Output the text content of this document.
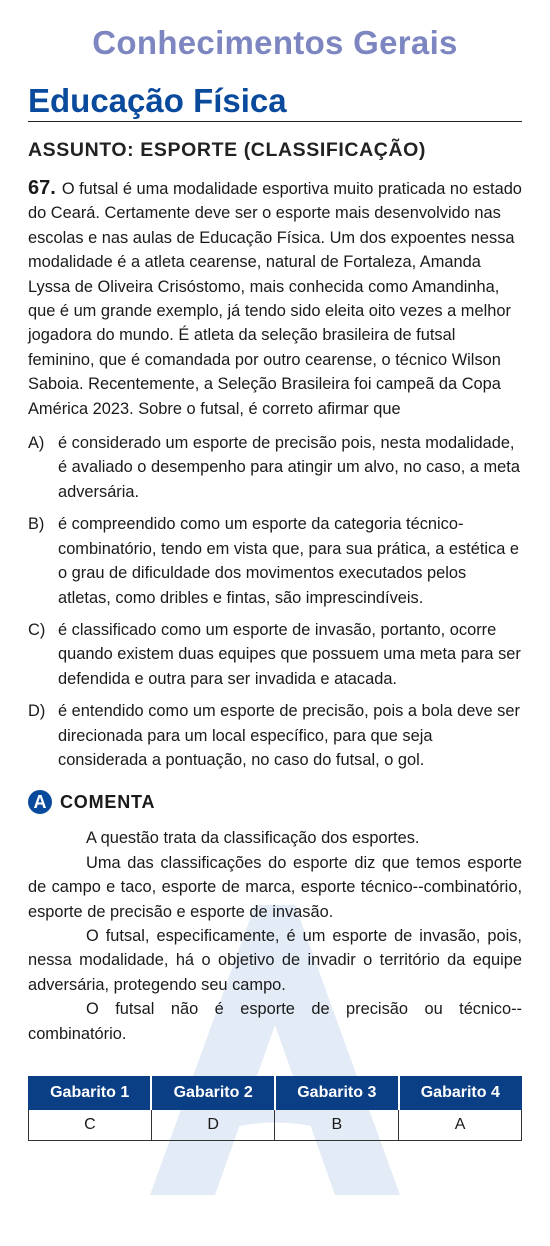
Conhecimentos Gerais
Educação Física
ASSUNTO: ESPORTE (CLASSIFICAÇÃO)
67. O futsal é uma modalidade esportiva muito praticada no estado do Ceará. Certamente deve ser o esporte mais desenvolvido nas escolas e nas aulas de Educação Física. Um dos expoentes nessa modalidade é a atleta cearense, natural de Fortaleza, Amanda Lyssa de Oliveira Crisóstomo, mais conhecida como Amandinha, que é um grande exemplo, já tendo sido eleita oito vezes a melhor jogadora do mundo. É atleta da seleção brasileira de futsal feminino, que é comandada por outro cearense, o técnico Wilson Saboia. Recentemente, a Seleção Brasileira foi campeã da Copa América 2023. Sobre o futsal, é correto afirmar que
A) é considerado um esporte de precisão pois, nesta modalidade, é avaliado o desempenho para atingir um alvo, no caso, a meta adversária.
B) é compreendido como um esporte da categoria técnico-combinatório, tendo em vista que, para sua prática, a estética e o grau de dificuldade dos movimentos executados pelos atletas, como dribles e fintas, são imprescindíveis.
C) é classificado como um esporte de invasão, portanto, ocorre quando existem duas equipes que possuem uma meta para ser defendida e outra para ser invadida e atacada.
D) é entendido como um esporte de precisão, pois a bola deve ser direcionada para um local específico, para que seja considerada a pontuação, no caso do futsal, o gol.
A COMENTA

A questão trata da classificação dos esportes.

Uma das classificações do esporte diz que temos esporte de campo e taco, esporte de marca, esporte técnico--combinatório, esporte de precisão e esporte de invasão.

O futsal, especificamente, é um esporte de invasão, pois, nessa modalidade, há o objetivo de invadir o território da equipe adversária, protegendo seu campo.

O futsal não é esporte de precisão ou técnico--combinatório.

Gabarito 1	Gabarito 2	Gabarito 3	Gabarito 4
C	D	B	A
